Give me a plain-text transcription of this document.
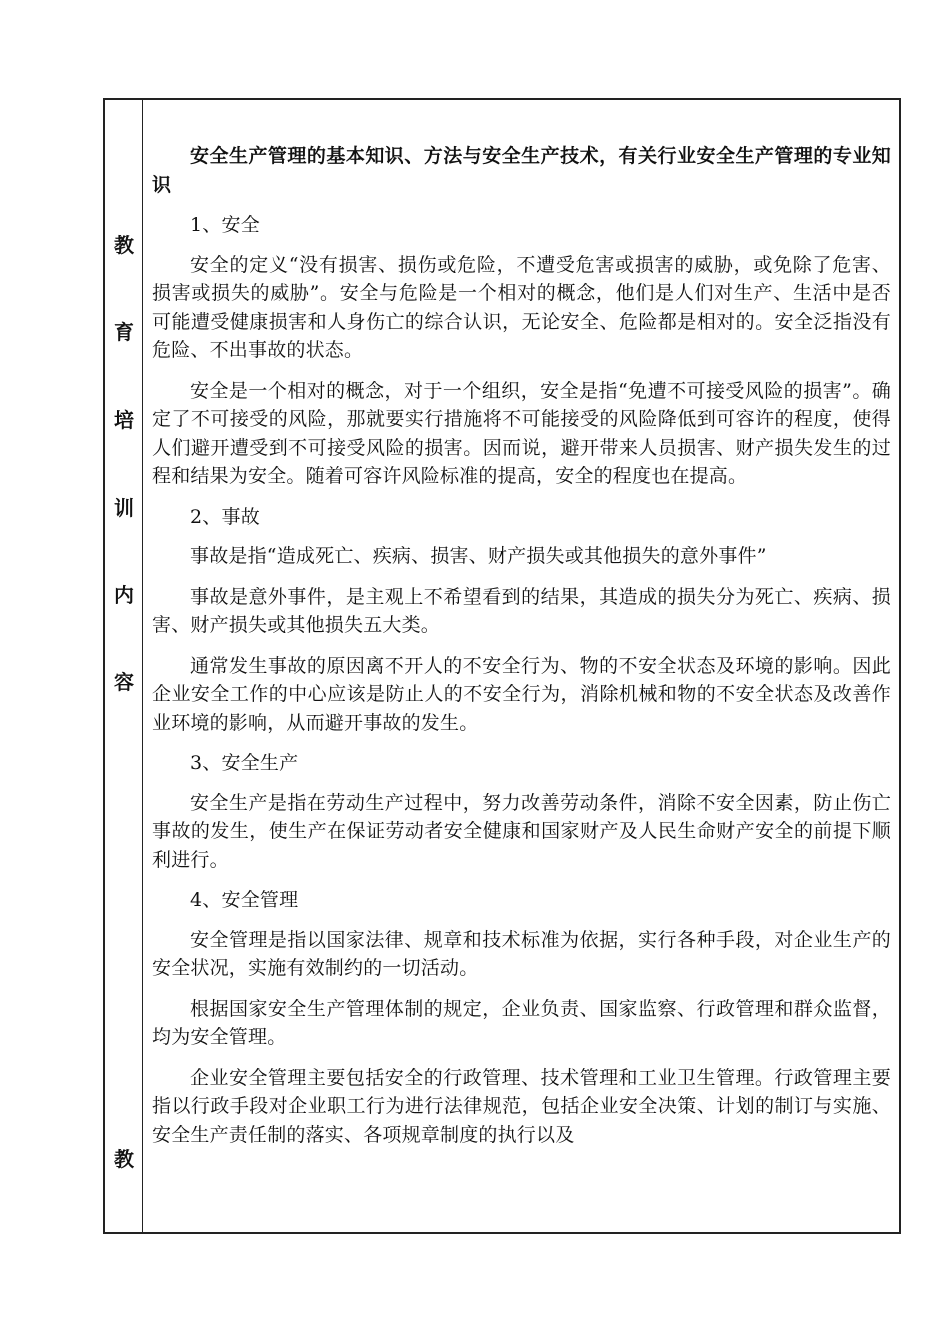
教
育
培
训
内
容
教

安全生产管理的基本知识、方法与安全生产技术，有关行业安全生产管理的专业知识

1、安全

安全的定义“没有损害、损伤或危险，不遭受危害或损害的威胁，或免除了危害、损害或损失的威胁”。安全与危险是一个相对的概念，他们是人们对生产、生活中是否可能遭受健康损害和人身伤亡的综合认识，无论安全、危险都是相对的。安全泛指没有危险、不出事故的状态。

安全是一个相对的概念，对于一个组织，安全是指“免遭不可接受风险的损害”。确定了不可接受的风险，那就要实行措施将不可能接受的风险降低到可容许的程度，使得人们避开遭受到不可接受风险的损害。因而说，避开带来人员损害、财产损失发生的过程和结果为安全。随着可容许风险标准的提高，安全的程度也在提高。

2、事故

事故是指“造成死亡、疾病、损害、财产损失或其他损失的意外事件”

事故是意外事件，是主观上不希望看到的结果，其造成的损失分为死亡、疾病、损害、财产损失或其他损失五大类。

通常发生事故的原因离不开人的不安全行为、物的不安全状态及环境的影响。因此企业安全工作的中心应该是防止人的不安全行为，消除机械和物的不安全状态及改善作业环境的影响，从而避开事故的发生。

3、安全生产

安全生产是指在劳动生产过程中，努力改善劳动条件，消除不安全因素，防止伤亡事故的发生，使生产在保证劳动者安全健康和国家财产及人民生命财产安全的前提下顺利进行。

4、安全管理

安全管理是指以国家法律、规章和技术标准为依据，实行各种手段，对企业生产的安全状况，实施有效制约的一切活动。

根据国家安全生产管理体制的规定，企业负责、国家监察、行政管理和群众监督，均为安全管理。

企业安全管理主要包括安全的行政管理、技术管理和工业卫生管理。行政管理主要指以行政手段对企业职工行为进行法律规范，包括企业安全决策、计划的制订与实施、安全生产责任制的落实、各项规章制度的执行以及
